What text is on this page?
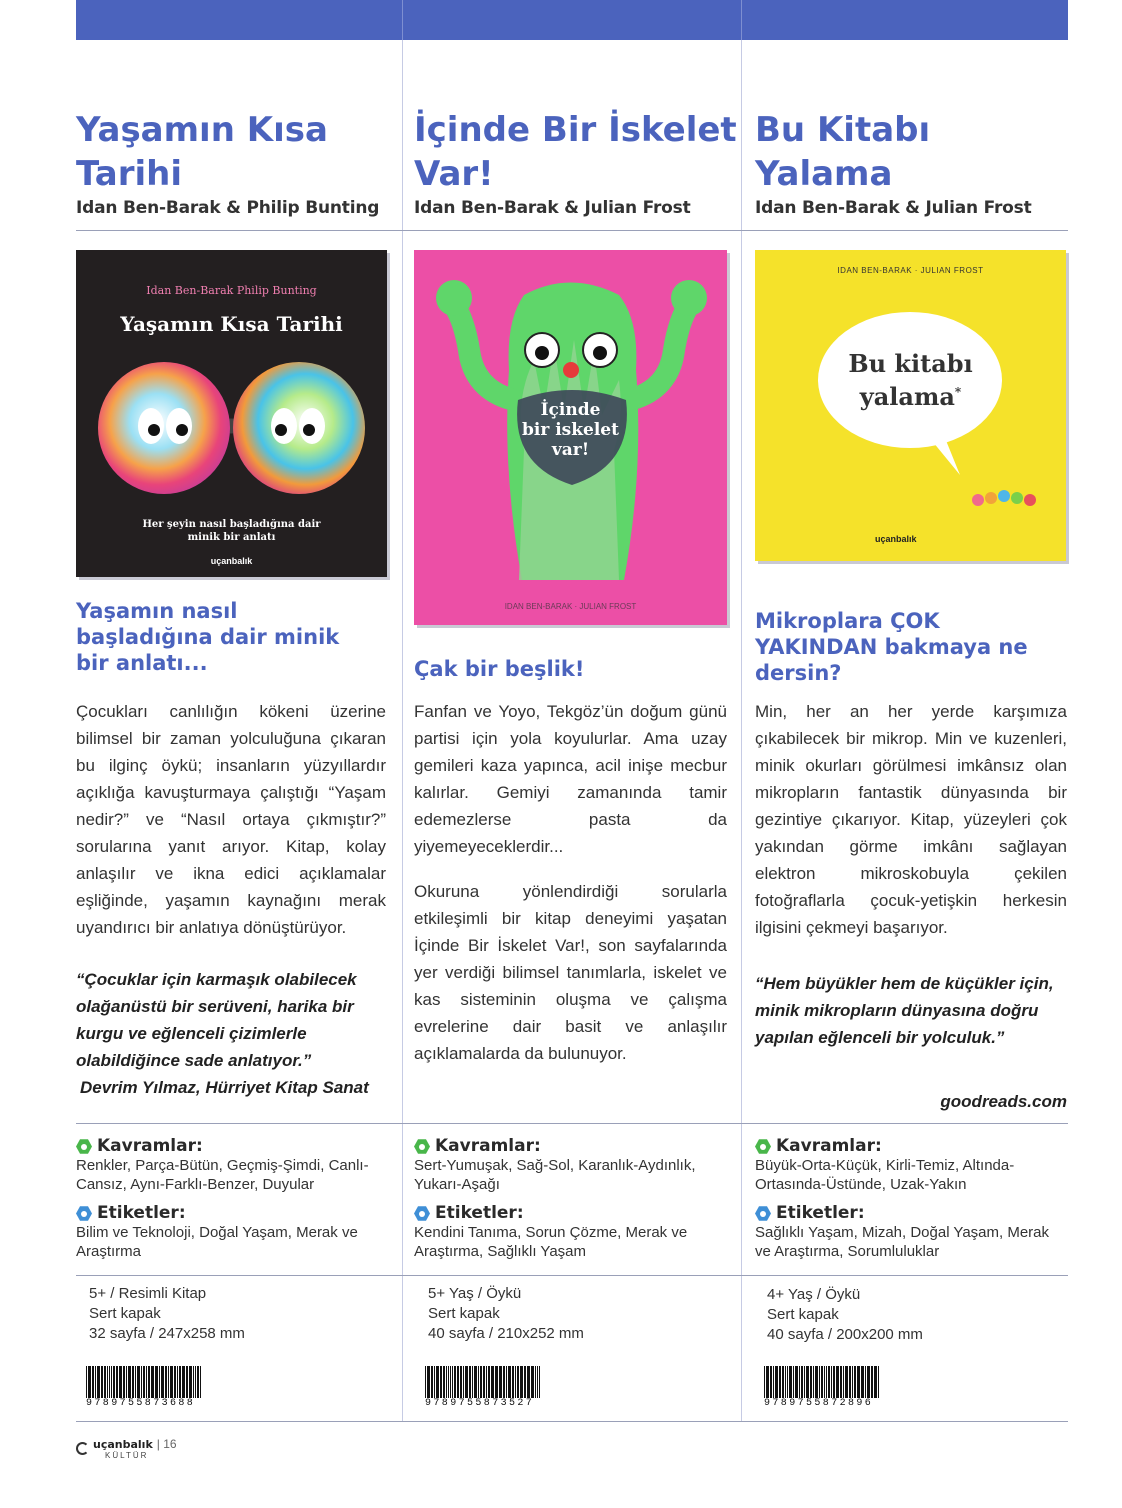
Yaşamın Kısa
Tarihi
Idan Ben-Barak & Philip Bunting
Idan Ben-Barak Philip Bunting
Yaşamın Kısa Tarihi
Her şeyin nasıl başladığına dair
minik bir anlatı
uçanbalık
Yaşamın nasıl başladığına dair minik bir anlatı...

Çocukları canlılığın kökeni üzerine bilimsel bir zaman yolculuğuna çıkaran bu ilginç öykü; insanların yüzyıllardır açıklığa kavuşturmaya çalıştığı “Yaşam nedir?” ve “Nasıl ortaya çıkmıştır?” sorularına yanıt arıyor. Kitap, kolay anlaşılır ve ikna edici açıklamalar eşliğinde, yaşamın kaynağını merak uyandırıcı bir anlatıya dönüştürüyor.

“Çocuklar için karmaşık olabilecek olağanüstü bir serüveni, harika bir kurgu ve eğlenceli çizimlerle olabildiğince sade anlatıyor.”

Devrim Yılmaz, Hürriyet Kitap Sanat
Kavramlar:
Renkler, Parça-Bütün, Geçmiş-Şimdi, Canlı-Cansız, Aynı-Farklı-Benzer, Duyular
Etiketler:
Bilim ve Teknoloji, Doğal Yaşam, Merak ve Araştırma
5+ / Resimli Kitap
Sert kapak
32 sayfa / 247x258 mm
9789755873688
İçinde Bir İskelet
Var!
Idan Ben-Barak & Julian Frost
İçinde
bir iskelet
var!
IDAN BEN-BARAK · JULIAN FROST
Çak bir beşlik!

Fanfan ve Yoyo, Tekgöz’ün doğum günü partisi için yola koyulurlar. Ama uzay gemileri kaza yapınca, acil inişe mecbur kalırlar. Gemiyi zamanında tamir edemezlerse pasta da yiyemeyeceklerdir...

Okuruna yönlendirdiği sorularla etkileşimli bir kitap deneyimi yaşatan İçinde Bir İskelet Var!, son sayfalarında yer verdiği bilimsel tanımlarla, iskelet ve kas sisteminin oluşma ve çalışma evrelerine dair basit ve anlaşılır açıklamalarda da bulunuyor.

Kavramlar:
Sert-Yumuşak, Sağ-Sol, Karanlık-Aydınlık, Yukarı-Aşağı
Etiketler:
Kendini Tanıma, Sorun Çözme, Merak ve Araştırma, Sağlıklı Yaşam
5+ Yaş / Öykü
Sert kapak
40 sayfa / 210x252 mm
9789755873527
Bu Kitabı
Yalama
Idan Ben-Barak & Julian Frost
IDAN BEN-BARAK · JULIAN FROST
Bu kitabı
yalama*
uçanbalık
Mikroplara ÇOK YAKINDAN bakmaya ne dersin?

Min, her an her yerde karşımıza çıkabilecek bir mikrop. Min ve kuzenleri, minik okurları görülmesi imkânsız olan mikropların fantastik dünyasında bir gezintiye çıkarıyor. Kitap, yüzeyleri çok yakından görme imkânı sağlayan elektron mikroskobuyla çekilen fotoğraflarla çocuk-yetişkin herkesin ilgisini çekmeyi başarıyor.

“Hem büyükler hem de küçükler için, minik mikropların dünyasına doğru yapılan eğlenceli bir yolculuk.”

goodreads.com
Kavramlar:
Büyük-Orta-Küçük, Kirli-Temiz, Altında-Ortasında-Üstünde, Uzak-Yakın
Etiketler:
Sağlıklı Yaşam, Mizah, Doğal Yaşam, Merak ve Araştırma, Sorumluluklar
4+ Yaş / Öykü
Sert kapak
40 sayfa / 200x200 mm
9789755872896
uçanbalık
KÜLTÜR
| 16
